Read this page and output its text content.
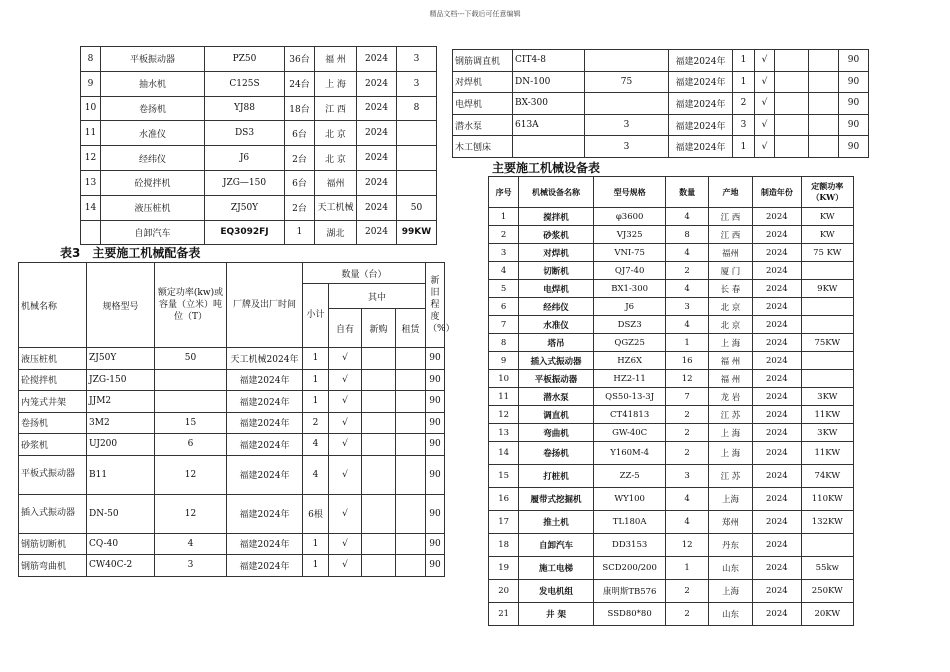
精品文档---下载后可任意编辑
8	平板振动器	PZ50	36台	福 州	2024	3
9	抽水机	C125S	24台	上 海	2024	3
10	卷扬机	YJ88	18台	江 西	2024	8
11	水准仪	DS3	6台	北 京	2024	
12	经纬仪	J6	2台	北 京	2024	
13	砼搅拌机	JZG—150	6台	福州	2024	
14	液压桩机	ZJ50Y	2台	天工机械	2024	50
	自卸汽车	EQ3092FJ	1	湖北	2024	99KW
表3　主要施工机械配备表
机械名称	规格型号	额定功率(kw)或容量（立米）吨位（T）	厂牌及出厂时间	数量（台）				新旧程度（%）
				小计	其中			
					自有	新购	租赁	
液压桩机	ZJ50Y	50	天工机械2024年	1	√			90
砼搅拌机	JZG-150		福建2024年	1	√			90
内笼式井架	JJM2		福建2024年	1	√			90
卷扬机	3M2	15	福建2024年	2	√			90
砂浆机	UJ200	6	福建2024年	4	√			90
平板式振动器	B11	12	福建2024年	4	√			90
插入式振动器	DN-50	12	福建2024年	6根	√			90
钢筋切断机	CQ-40	4	福建2024年	1	√			90
钢筋弯曲机	CW40C-2	3	福建2024年	1	√			90
钢筋调直机	CIT4-8		福建2024年	1	√			90
对焊机	DN-100	75	福建2024年	1	√			90
电焊机	BX-300		福建2024年	2	√			90
潜水泵	613A	3	福建2024年	3	√			90
木工刨床		3	福建2024年	1	√			90
主要施工机械设备表
序号	机械设备名称	型号规格	数量	产地	制造年份	定额功率（KW）
1	搅拌机	φ3600	4	江 西	2024	KW
2	砂浆机	VJ325	8	江 西	2024	KW
3	对焊机	VNI-75	4	福州	2024	75 KW
4	切断机	QJ7-40	2	厦 门	2024	
5	电焊机	BX1-300	4	长 春	2024	9KW
6	经纬仪	J6	3	北 京	2024	
7	水准仪	DSZ3	4	北 京	2024	
8	塔吊	QGZ25	1	上 海	2024	75KW
9	插入式振动器	HZ6X	16	福 州	2024	
10	平板振动器	HZ2-11	12	福 州	2024	
11	潜水泵	QS50-13-3J	7	龙 岩	2024	3KW
12	调直机	CT41813	2	江 苏	2024	11KW
13	弯曲机	GW-40C	2	上 海	2024	3KW
14	卷扬机	Y160M-4	2	上 海	2024	11KW
15	打桩机	ZZ-5	3	江 苏	2024	74KW
16	履带式挖掘机	WY100	4	上海	2024	110KW
17	推土机	TL180A	4	郑州	2024	132KW
18	自卸汽车	DD3153	12	丹东	2024	
19	施工电梯	SCD200/200	1	山东	2024	55kw
20	发电机组	康明斯TB576	2	上海	2024	250KW
21	井 架	SSD80*80	2	山东	2024	20KW
